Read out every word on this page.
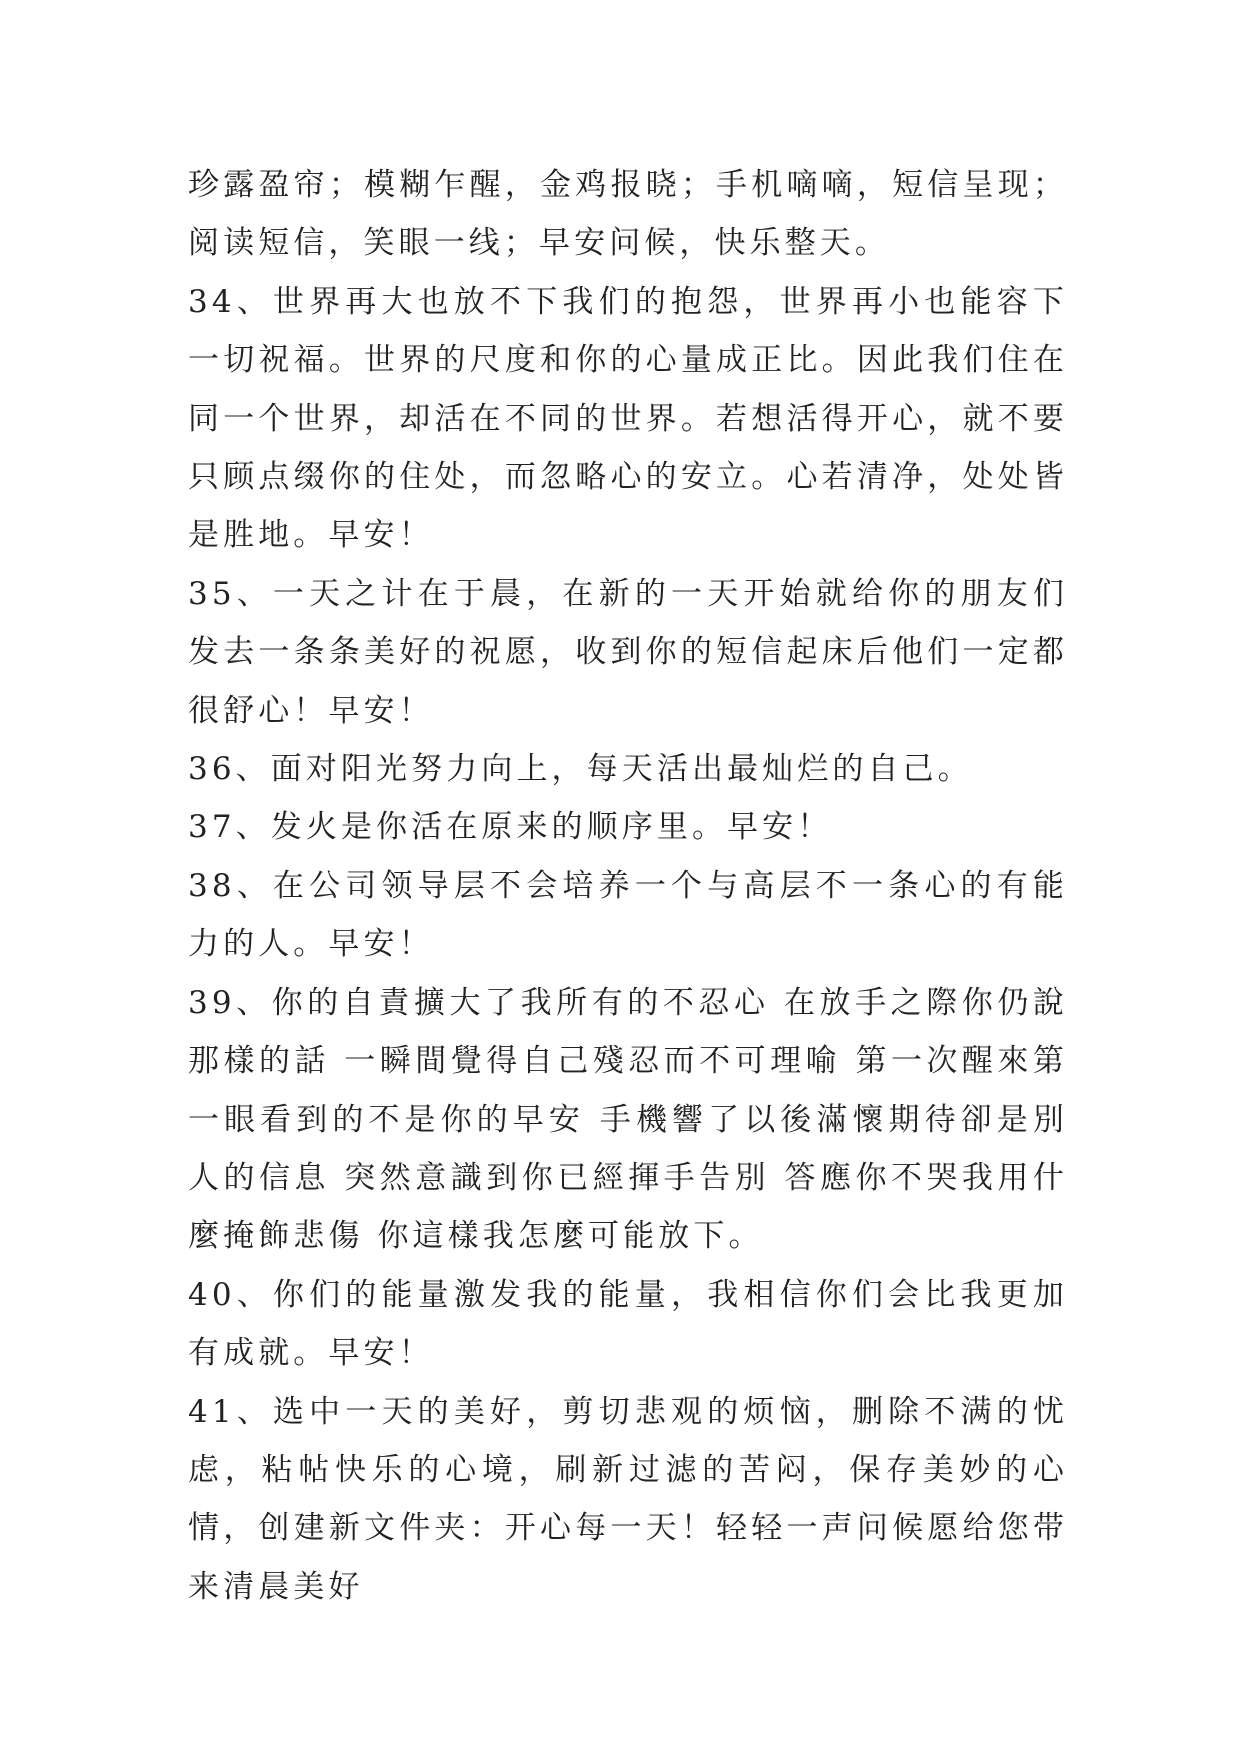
珍露盈帘；模糊乍醒，金鸡报晓；手机嘀嘀，短信呈现；阅读短信，笑眼一线；早安问候，快乐整天。

34、世界再大也放不下我们的抱怨，世界再小也能容下一切祝福。世界的尺度和你的心量成正比。因此我们住在同一个世界，却活在不同的世界。若想活得开心，就不要只顾点缀你的住处，而忽略心的安立。心若清净，处处皆是胜地。早安！

35、一天之计在于晨，在新的一天开始就给你的朋友们发去一条条美好的祝愿，收到你的短信起床后他们一定都很舒心！早安！

36、面对阳光努力向上，每天活出最灿烂的自己。

37、发火是你活在原来的顺序里。早安！

38、在公司领导层不会培养一个与高层不一条心的有能力的人。早安！

39、你的自責擴大了我所有的不忍心 在放手之際你仍說那樣的話 一瞬間覺得自己殘忍而不可理喻 第一次醒來第一眼看到的不是你的早安 手機響了以後滿懷期待卻是別人的信息 突然意識到你已經揮手告別 答應你不哭我用什麼掩飾悲傷 你這樣我怎麼可能放下。

40、你们的能量激发我的能量，我相信你们会比我更加有成就。早安！

41、选中一天的美好，剪切悲观的烦恼，删除不满的忧虑，粘帖快乐的心境，刷新过滤的苦闷，保存美妙的心情，创建新文件夹：开心每一天！轻轻一声问候愿给您带来清晨美好
